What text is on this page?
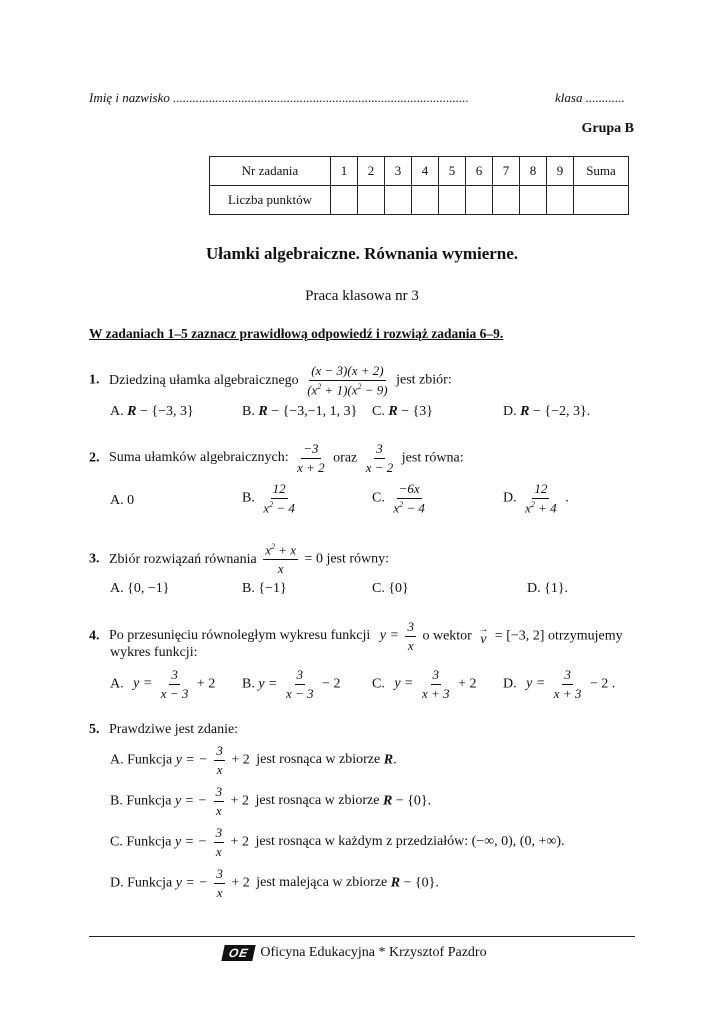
Imię i nazwisko ...........................................................................................	klasa ............
Grupa B
Nr zadania	1	2	3	4	5	6	7	8	9	Suma
Liczba punktów										
Ułamki algebraiczne. Równania wymierne.
Praca klasowa nr 3
W zadaniach 1–5 zaznacz prawidłową odpowiedź i rozwiąż zadania 6–9.
1. Dziedziną ułamka algebraicznego $\frac{(x - 3)(x + 2)}{(x^2 + 1)(x^2 - 9)}$ jest zbiór:
A. R − {−3, 3}	B. R − {−3,−1, 1, 3} C. R − {3}	D. R − {−2, 3}.
2. Suma ułamków algebraicznych: $\frac{-3}{x + 2}$ oraz $\frac{3}{x - 2}$ jest równa:
A. 0	B. $\frac{12}{x^2 - 4}$	C. $\frac{-6x}{x^2 - 4}$	D. $\frac{12}{x^2 + 4}$ .
3. Zbiór rozwiązań równania $\frac{x^2 + x}{x} = 0$ jest równy:
A. {0, −1}	B. {−1}	C. {0}	D. {1}.
4. Po przesunięciu równoległym wykresu funkcji $y = \frac{3}{x}$ o wektor →
v = [−3, 2] otrzymujemy
wykres funkcji:
A. $y = \frac{3}{x - 3} + 2$ B. $y = \frac{3}{x - 3} - 2$ C. $y = \frac{3}{x + 3} + 2$ D. $y = \frac{3}{x + 3} - 2$ .
5. Prawdziwe jest zdanie:
A. Funkcja y = − $\frac{3}{x} + 2$ jest rosnąca w zbiorze R.
B. Funkcja y = − $\frac{3}{x} + 2$ jest rosnąca w zbiorze R − {0}.
C. Funkcja y = − $\frac{3}{x} + 2$ jest rosnąca w każdym z przedziałów: (−∞, 0), (0, +∞).
D. Funkcja y = − $\frac{3}{x} + 2$ jest malejąca w zbiorze R − {0}.
OE Oficyna Edukacyjna * Krzysztof Pazdro
